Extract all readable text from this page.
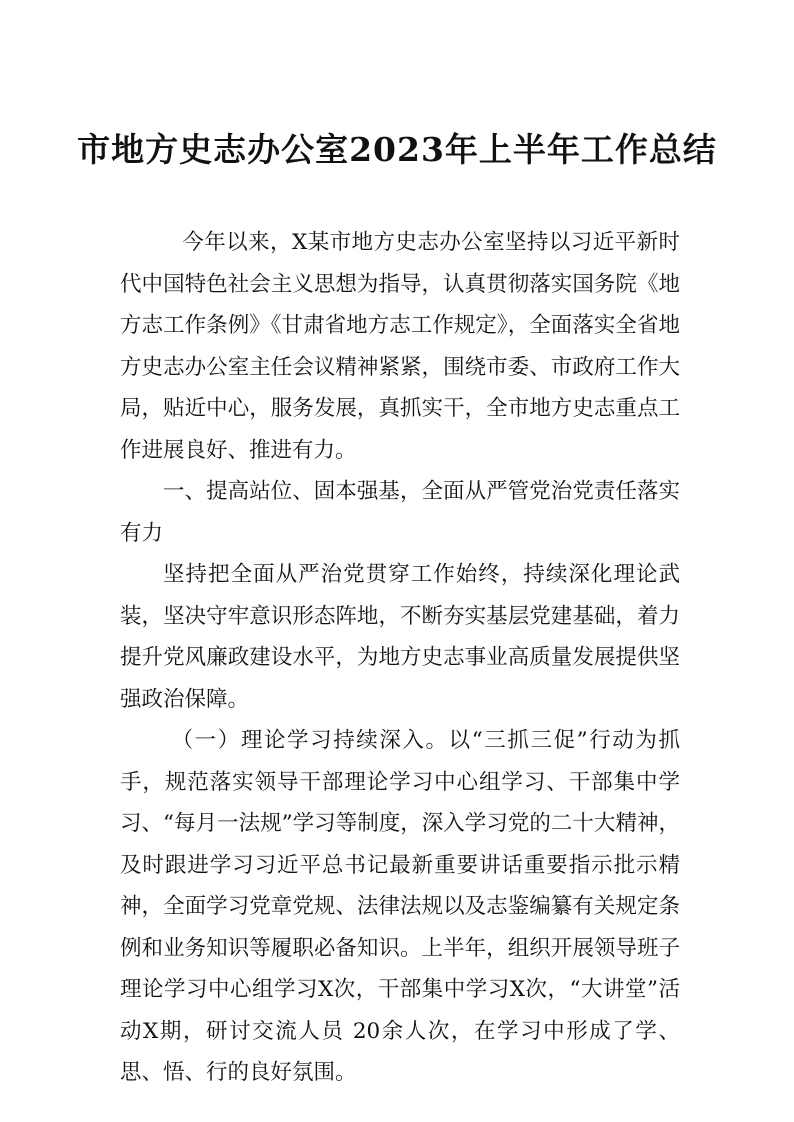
市地方史志办公室2023年上半年工作总结

今年以来，X某市地方史志办公室坚持以习近平新时代中国特色社会主义思想为指导，认真贯彻落实国务院《地方志工作条例》《甘肃省地方志工作规定》，全面落实全省地方史志办公室主任会议精神紧紧，围绕市委、市政府工作大局，贴近中心，服务发展，真抓实干，全市地方史志重点工作进展良好、推进有力。

一、提高站位、固本强基，全面从严管党治党责任落实有力

坚持把全面从严治党贯穿工作始终，持续深化理论武装，坚决守牢意识形态阵地，不断夯实基层党建基础，着力提升党风廉政建设水平，为地方史志事业高质量发展提供坚强政治保障。

（一）理论学习持续深入。以“三抓三促”行动为抓手，规范落实领导干部理论学习中心组学习、干部集中学习、“每月一法规”学习等制度，深入学习党的二十大精神，及时跟进学习习近平总书记最新重要讲话重要指示批示精神，全面学习党章党规、法律法规以及志鉴编纂有关规定条例和业务知识等履职必备知识。上半年，组织开展领导班子理论学习中心组学习X次，干部集中学习X次，“大讲堂”活动X期，研讨交流人员 20余人次，在学习中形成了学、思、悟、行的良好氛围。
